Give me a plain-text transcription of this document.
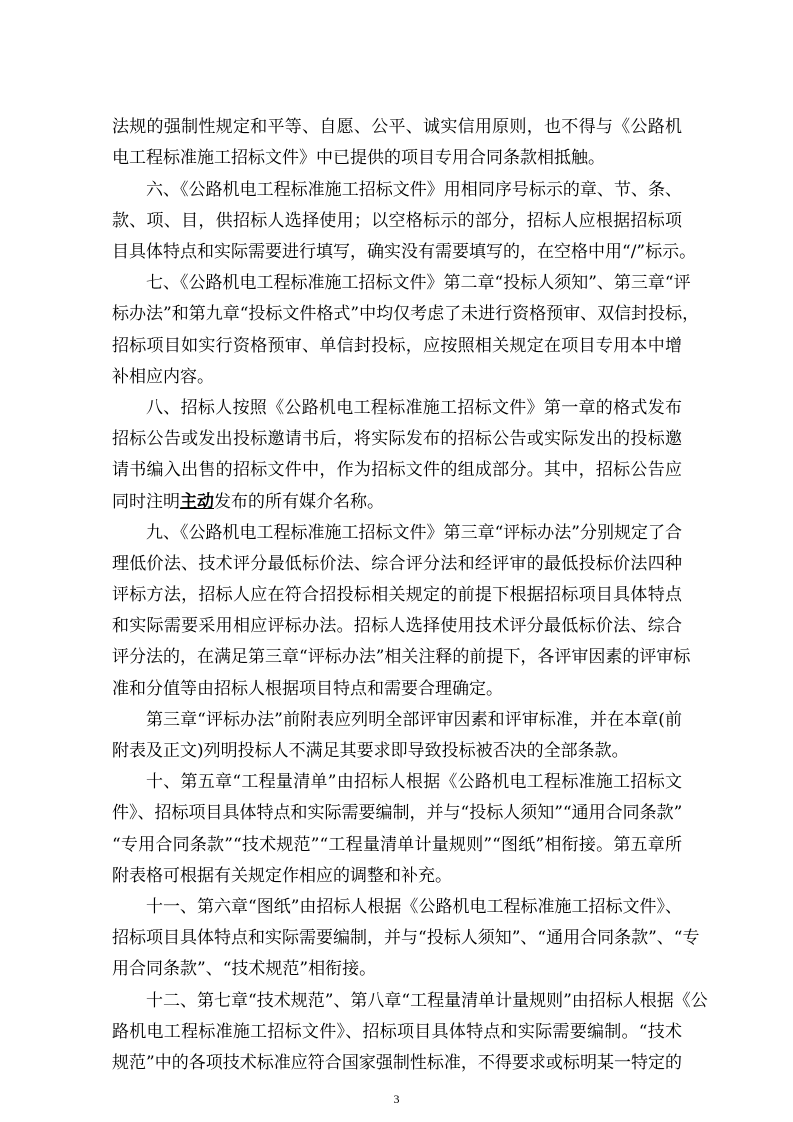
法规的强制性规定和平等、自愿、公平、诚实信用原则，也不得与《公路机
电工程标准施工招标文件》中已提供的项目专用合同条款相抵触。
六、《公路机电工程标准施工招标文件》用相同序号标示的章、节、条、
款、项、目，供招标人选择使用；以空格标示的部分，招标人应根据招标项
目具体特点和实际需要进行填写，确实没有需要填写的，在空格中用“/”标示。
七、《公路机电工程标准施工招标文件》第二章“投标人须知”、第三章“评
标办法”和第九章“投标文件格式”中均仅考虑了未进行资格预审、双信封投标，
招标项目如实行资格预审、单信封投标，应按照相关规定在项目专用本中增
补相应内容。
八、招标人按照《公路机电工程标准施工招标文件》第一章的格式发布
招标公告或发出投标邀请书后，将实际发布的招标公告或实际发出的投标邀
请书编入出售的招标文件中，作为招标文件的组成部分。其中，招标公告应
同时注明主动发布的所有媒介名称。
九、《公路机电工程标准施工招标文件》第三章“评标办法”分别规定了合
理低价法、技术评分最低标价法、综合评分法和经评审的最低投标价法四种
评标方法，招标人应在符合招投标相关规定的前提下根据招标项目具体特点
和实际需要采用相应评标办法。招标人选择使用技术评分最低标价法、综合
评分法的，在满足第三章“评标办法”相关注释的前提下，各评审因素的评审标
准和分值等由招标人根据项目特点和需要合理确定。
第三章“评标办法”前附表应列明全部评审因素和评审标准，并在本章(前
附表及正文)列明投标人不满足其要求即导致投标被否决的全部条款。
十、第五章“工程量清单”由招标人根据《公路机电工程标准施工招标文
件》、招标项目具体特点和实际需要编制，并与“投标人须知”“通用合同条款”
“专用合同条款”“技术规范”“工程量清单计量规则”“图纸”相衔接。第五章所
附表格可根据有关规定作相应的调整和补充。
十一、第六章“图纸”由招标人根据《公路机电工程标准施工招标文件》、
招标项目具体特点和实际需要编制，并与“投标人须知”、“通用合同条款”、“专
用合同条款”、“技术规范”相衔接。
十二、第七章“技术规范”、第八章“工程量清单计量规则”由招标人根据《公
路机电工程标准施工招标文件》、招标项目具体特点和实际需要编制。“技术
规范”中的各项技术标准应符合国家强制性标准，不得要求或标明某一特定的
3
